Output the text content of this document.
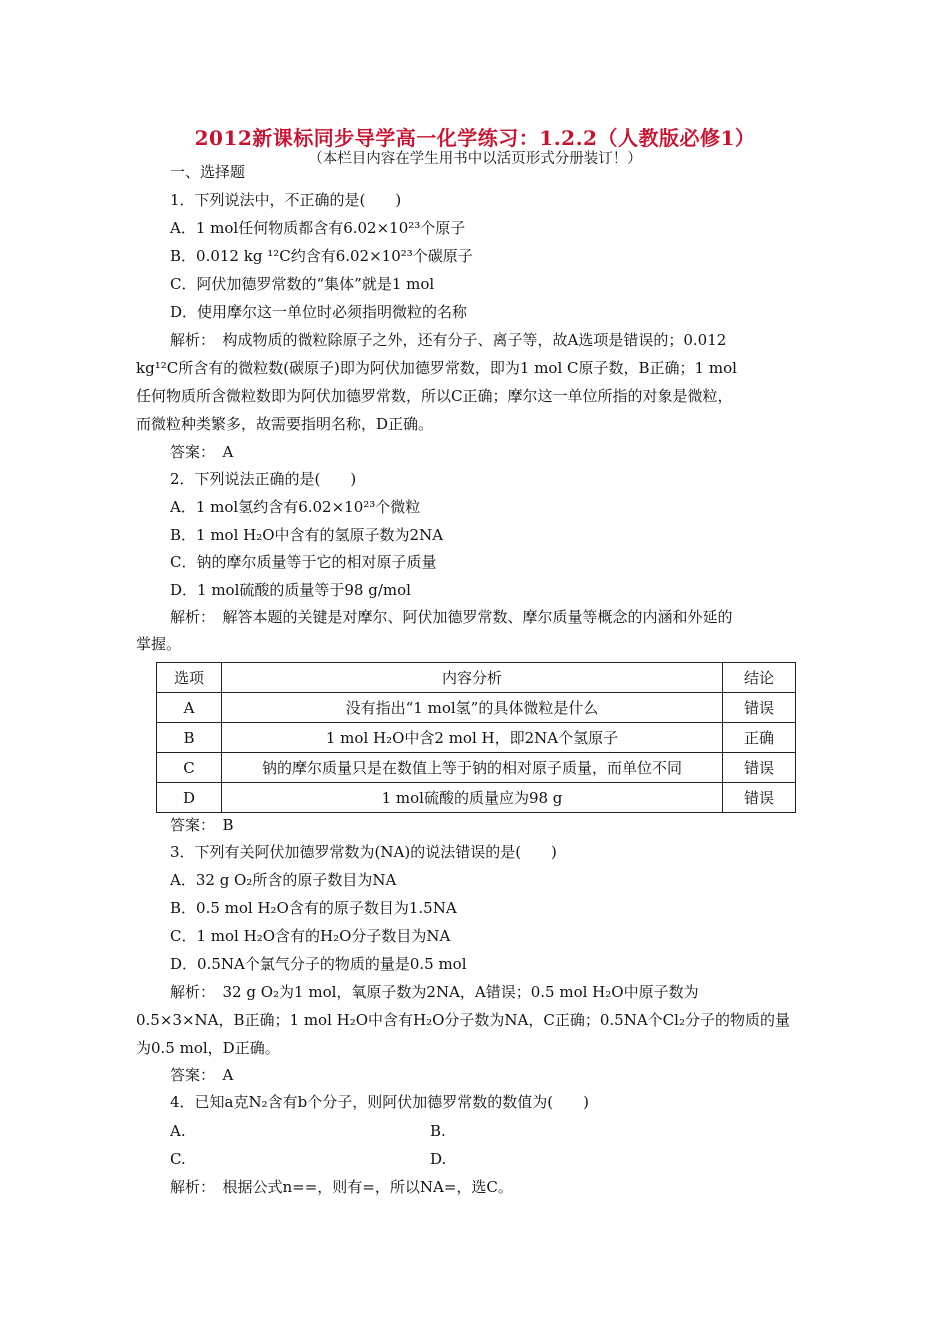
2012新课标同步导学高一化学练习：1.2.2（人教版必修1）
（本栏目内容在学生用书中以活页形式分册装订！）
一、选择题
1．下列说法中，不正确的是(　　)
A．1 mol任何物质都含有6.02×10²³个原子
B．0.012 kg ¹²C约含有6.02×10²³个碳原子
C．阿伏加德罗常数的“集体”就是1 mol
D．使用摩尔这一单位时必须指明微粒的名称
解析：　构成物质的微粒除原子之外，还有分子、离子等，故A选项是错误的；0.012
kg¹²C所含有的微粒数(碳原子)即为阿伏加德罗常数，即为1 mol C原子数，B正确；1 mol
任何物质所含微粒数即为阿伏加德罗常数，所以C正确；摩尔这一单位所指的对象是微粒，
而微粒种类繁多，故需要指明名称，D正确。
答案：　A
2．下列说法正确的是(　　)
A．1 mol氢约含有6.02×10²³个微粒
B．1 mol H₂O中含有的氢原子数为2NA
C．钠的摩尔质量等于它的相对原子质量
D．1 mol硫酸的质量等于98 g/mol
解析：　解答本题的关键是对摩尔、阿伏加德罗常数、摩尔质量等概念的内涵和外延的
掌握。
选项	内容分析	结论
A	没有指出“1 mol氢”的具体微粒是什么	错误
B	1 mol H₂O中含2 mol H，即2NA个氢原子	正确
C	钠的摩尔质量只是在数值上等于钠的相对原子质量，而单位不同	错误
D	1 mol硫酸的质量应为98 g	错误
答案：　B
3．下列有关阿伏加德罗常数为(NA)的说法错误的是(　　)
A．32 g O₂所含的原子数目为NA
B．0.5 mol H₂O含有的原子数目为1.5NA
C．1 mol H₂O含有的H₂O分子数目为NA
D．0.5NA个氯气分子的物质的量是0.5 mol
解析：　32 g O₂为1 mol，氧原子数为2NA，A错误；0.5 mol H₂O中原子数为
0.5×3×NA，B正确；1 mol H₂O中含有H₂O分子数为NA，C正确；0.5NA个Cl₂分子的物质的量
为0.5 mol，D正确。
答案：　A
4．已知a克N₂含有b个分子，则阿伏加德罗常数的数值为(　　)
A.	B.
C.	D.
解析：　根据公式n==，则有=，所以NA=，选C。
